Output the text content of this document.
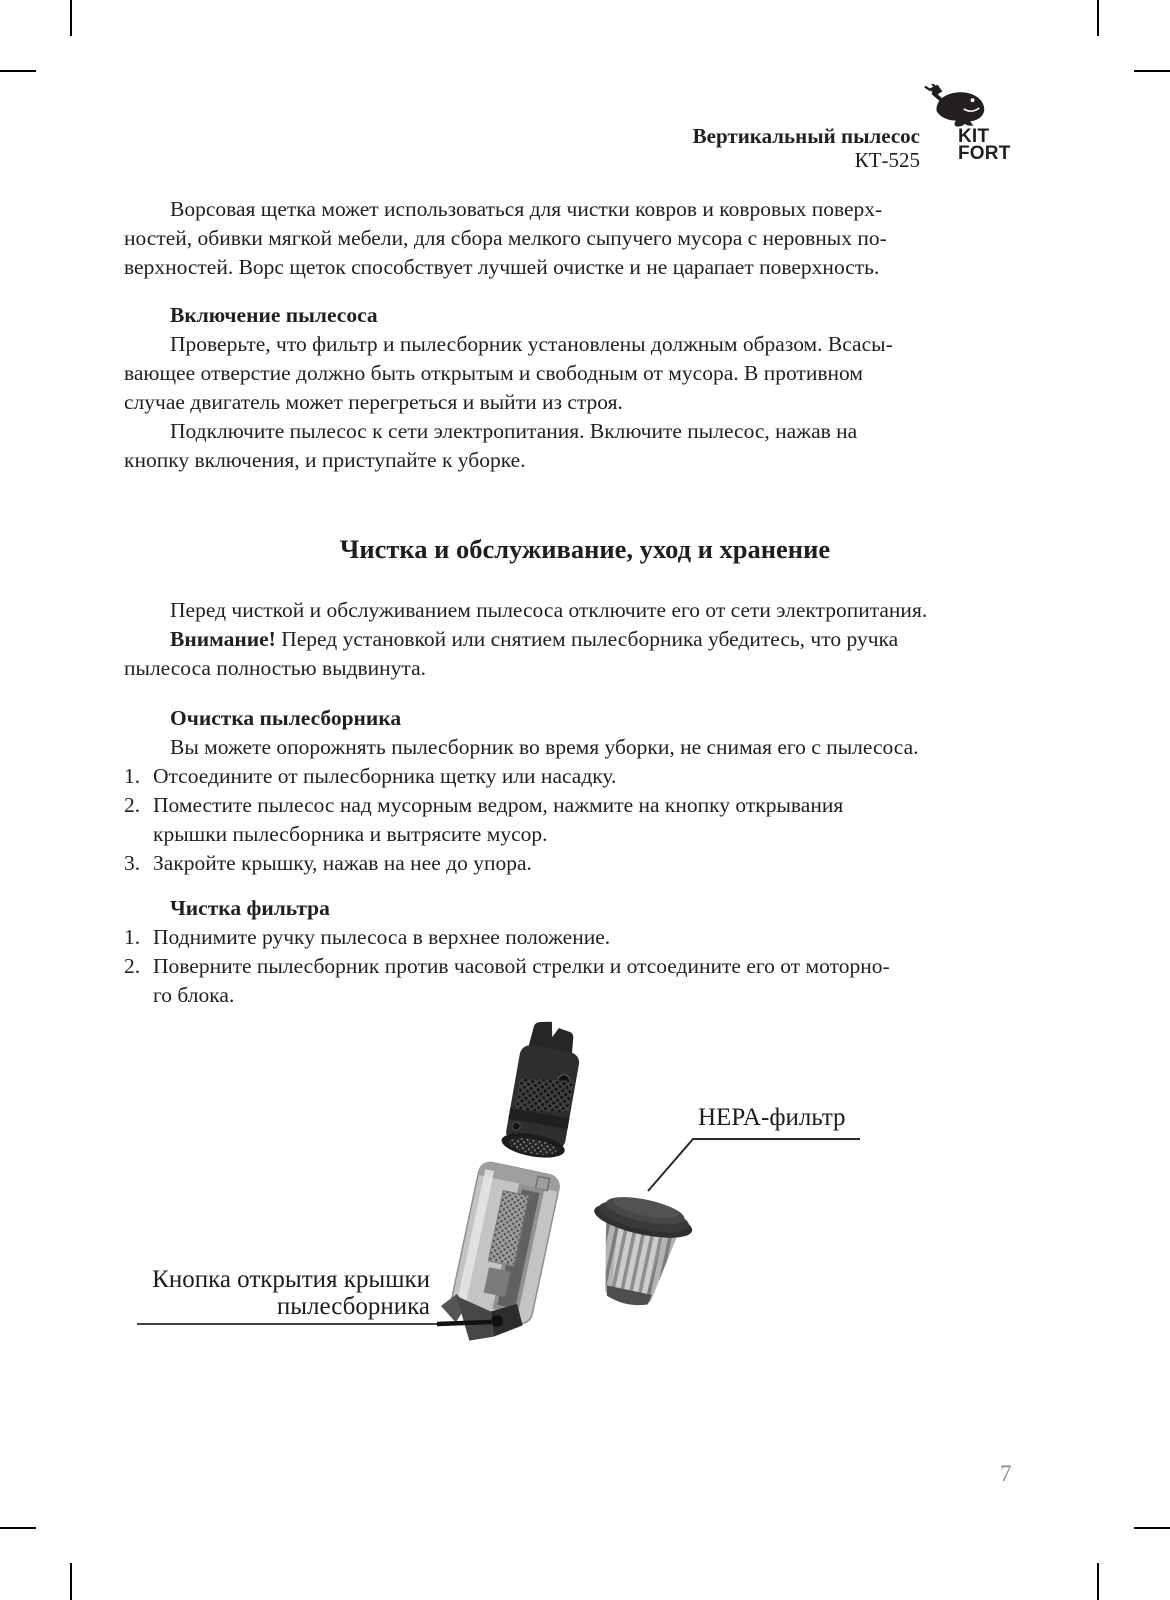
Вертикальный пылесос
КТ-525
KIT
FORT
Ворсовая щетка может использоваться для чистки ковров и ковровых поверх-
ностей, обивки мягкой мебели, для сбора мелкого сыпучего мусора с неровных по-
верхностей. Ворс щеток способствует лучшей очистке и не царапает поверхность.
Включение пылесоса
Проверьте, что фильтр и пылесборник установлены должным образом. Всасы-
вающее отверстие должно быть открытым и свободным от мусора. В противном
случае двигатель может перегреться и выйти из строя.
Подключите пылесос к сети электропитания. Включите пылесос, нажав на
кнопку включения, и приступайте к уборке.
Чистка и обслуживание, уход и хранение
Перед чисткой и обслуживанием пылесоса отключите его от сети электропитания.
Внимание! Перед установкой или снятием пылесборника убедитесь, что ручка
пылесоса полностью выдвинута.
Очистка пылесборника
Вы можете опорожнять пылесборник во время уборки, не снимая его с пылесоса.
1. Отсоедините от пылесборника щетку или насадку.
2. Поместите пылесос над мусорным ведром, нажмите на кнопку открывания
крышки пылесборника и вытрясите мусор.
3. Закройте крышку, нажав на нее до упора.
Чистка фильтра
1. Поднимите ручку пылесоса в верхнее положение.
2. Поверните пылесборник против часовой стрелки и отсоедините его от моторно-
го блока.
HEPA-фильтр
Кнопка открытия крышки
пылесборника
7
